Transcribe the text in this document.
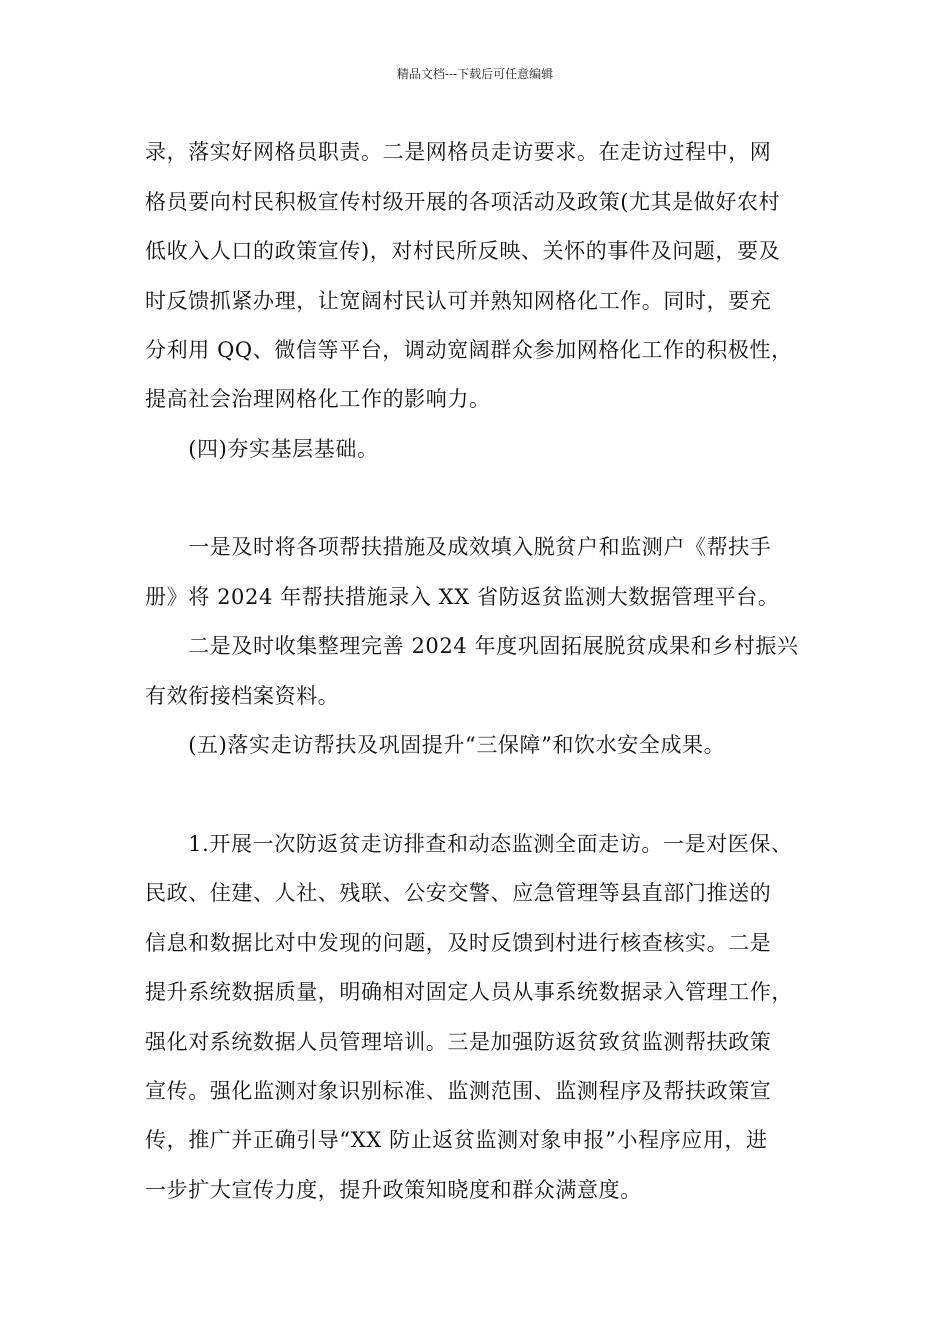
精品文档---下载后可任意编辑
录，落实好网格员职责。二是网格员走访要求。在走访过程中，网
格员要向村民积极宣传村级开展的各项活动及政策(尤其是做好农村
低收入人口的政策宣传)，对村民所反映、关怀的事件及问题，要及
时反馈抓紧办理，让宽阔村民认可并熟知网格化工作。同时，要充
分利用 QQ、微信等平台，调动宽阔群众参加网格化工作的积极性，
提高社会治理网格化工作的影响力。
　　(四)夯实基层基础。
　　一是及时将各项帮扶措施及成效填入脱贫户和监测户《帮扶手
册》将 2024 年帮扶措施录入 XX 省防返贫监测大数据管理平台。
　　二是及时收集整理完善 2024 年度巩固拓展脱贫成果和乡村振兴
有效衔接档案资料。
　　(五)落实走访帮扶及巩固提升“三保障”和饮水安全成果。
　　1.开展一次防返贫走访排查和动态监测全面走访。一是对医保、
民政、住建、人社、残联、公安交警、应急管理等县直部门推送的
信息和数据比对中发现的问题，及时反馈到村进行核查核实。二是
提升系统数据质量，明确相对固定人员从事系统数据录入管理工作，
强化对系统数据人员管理培训。三是加强防返贫致贫监测帮扶政策
宣传。强化监测对象识别标准、监测范围、监测程序及帮扶政策宣
传，推广并正确引导“XX 防止返贫监测对象申报”小程序应用，进
一步扩大宣传力度，提升政策知晓度和群众满意度。
